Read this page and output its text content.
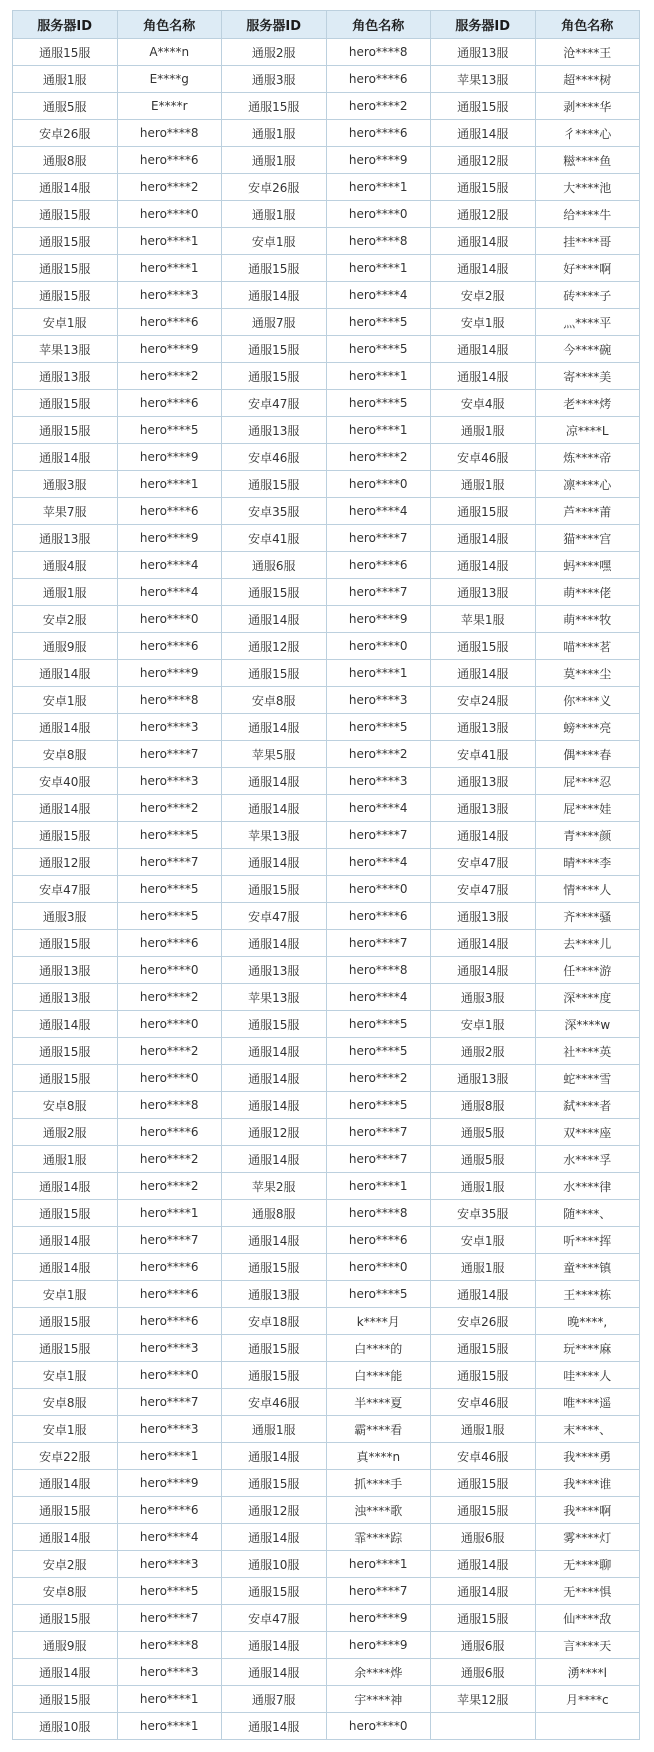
服务器ID	角色名称	服务器ID	角色名称	服务器ID	角色名称
通服15服	A****n	通服2服	hero****8	通服13服	沧****王
通服1服	E****g	通服3服	hero****6	苹果13服	超****树
通服5服	E****r	通服15服	hero****2	通服15服	剥****华
安卓26服	hero****8	通服1服	hero****6	通服14服	彳****心
通服8服	hero****6	通服1服	hero****9	通服12服	糍****鱼
通服14服	hero****2	安卓26服	hero****1	通服15服	大****池
通服15服	hero****0	通服1服	hero****0	通服12服	给****牛
通服15服	hero****1	安卓1服	hero****8	通服14服	挂****哥
通服15服	hero****1	通服15服	hero****1	通服14服	好****啊
通服15服	hero****3	通服14服	hero****4	安卓2服	砖****子
安卓1服	hero****6	通服7服	hero****5	安卓1服	灬****平
苹果13服	hero****9	通服15服	hero****5	通服14服	今****碗
通服13服	hero****2	通服15服	hero****1	通服14服	寄****美
通服15服	hero****6	安卓47服	hero****5	安卓4服	老****烤
通服15服	hero****5	通服13服	hero****1	通服1服	凉****L
通服14服	hero****9	安卓46服	hero****2	安卓46服	炼****帝
通服3服	hero****1	通服15服	hero****0	通服1服	凛****心
苹果7服	hero****6	安卓35服	hero****4	通服15服	芦****莆
通服13服	hero****9	安卓41服	hero****7	通服14服	猫****宫
通服4服	hero****4	通服6服	hero****6	通服14服	蚂****嘿
通服1服	hero****4	通服15服	hero****7	通服13服	萌****佬
安卓2服	hero****0	通服14服	hero****9	苹果1服	萌****牧
通服9服	hero****6	通服12服	hero****0	通服15服	喵****茗
通服14服	hero****9	通服15服	hero****1	通服14服	莫****尘
安卓1服	hero****8	安卓8服	hero****3	安卓24服	你****义
通服14服	hero****3	通服14服	hero****5	通服13服	螃****亮
安卓8服	hero****7	苹果5服	hero****2	安卓41服	偶****春
安卓40服	hero****3	通服14服	hero****3	通服13服	屁****忍
通服14服	hero****2	通服14服	hero****4	通服13服	屁****娃
通服15服	hero****5	苹果13服	hero****7	通服14服	青****颜
通服12服	hero****7	通服14服	hero****4	安卓47服	晴****李
安卓47服	hero****5	通服15服	hero****0	安卓47服	情****人
通服3服	hero****5	安卓47服	hero****6	通服13服	齐****骚
通服15服	hero****6	通服14服	hero****7	通服14服	去****儿
通服13服	hero****0	通服13服	hero****8	通服14服	任****游
通服13服	hero****2	苹果13服	hero****4	通服3服	深****度
通服14服	hero****0	通服15服	hero****5	安卓1服	深****w
通服15服	hero****2	通服14服	hero****5	通服2服	社****英
通服15服	hero****0	通服14服	hero****2	通服13服	蛇****雪
安卓8服	hero****8	通服14服	hero****5	通服8服	弑****者
通服2服	hero****6	通服12服	hero****7	通服5服	双****座
通服1服	hero****2	通服14服	hero****7	通服5服	水****孚
通服14服	hero****2	苹果2服	hero****1	通服1服	水****律
通服15服	hero****1	通服8服	hero****8	安卓35服	随****、
通服14服	hero****7	通服14服	hero****6	安卓1服	听****挥
通服14服	hero****6	通服15服	hero****0	通服1服	童****镇
安卓1服	hero****6	通服13服	hero****5	通服14服	王****栋
通服15服	hero****6	安卓18服	k****月	安卓26服	晚****,
通服15服	hero****3	通服15服	白****的	通服15服	玩****麻
安卓1服	hero****0	通服15服	白****能	通服15服	哇****人
安卓8服	hero****7	安卓46服	半****夏	安卓46服	唯****遥
安卓1服	hero****3	通服1服	霸****看	通服1服	末****、
安卓22服	hero****1	通服14服	真****n	安卓46服	我****勇
通服14服	hero****9	通服15服	抓****手	通服15服	我****谁
通服15服	hero****6	通服12服	浊****歌	通服15服	我****啊
通服14服	hero****4	通服14服	霏****踪	通服6服	雾****灯
安卓2服	hero****3	通服10服	hero****1	通服14服	无****聊
安卓8服	hero****5	通服15服	hero****7	通服14服	无****惧
通服15服	hero****7	安卓47服	hero****9	通服15服	仙****敌
通服9服	hero****8	通服14服	hero****9	通服6服	言****天
通服14服	hero****3	通服14服	余****烨	通服6服	湧****l
通服15服	hero****1	通服7服	宇****神	苹果12服	月****c
通服10服	hero****1	通服14服	hero****0		
